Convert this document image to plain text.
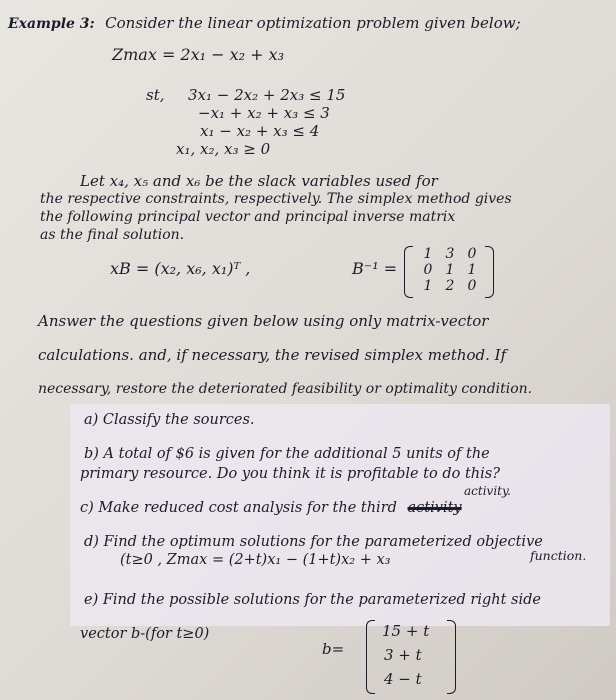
Example 3: Consider the linear optimization problem given below;
Zmax = 2x₁ − x₂ + x₃
st, 3x₁ − 2x₂ + 2x₃ ≤ 15
−x₁ + x₂ + x₃ ≤ 3
x₁ − x₂ + x₃ ≤ 4
x₁, x₂, x₃ ≥ 0
Let x₄, x₅ and x₆ be the slack variables used for
the respective constraints, respectively. The simplex method gives
the following principal vector and principal inverse matrix
as the final solution.
xB = (x₂, x₆, x₁)ᵀ ,	B⁻¹ =
1 3 0
0 1 1
1 2 0
Answer the questions given below using only matrix-vector
calculations. and, if necessary, the revised simplex method. If
necessary, restore the deteriorated feasibility or optimality condition.
a) Classify the sources.
b) A total of $6 is given for the additional 5 units of the
primary resource. Do you think it is profitable to do this?
activity.
c) Make reduced cost analysis for the third activity
d) Find the optimum solutions for the parameterized objective
(t≥0 , Zmax = (2+t)x₁ − (1+t)x₂ + x₃	function.
e) Find the possible solutions for the parameterized right side
vector b-(for t≥0)
b=
15 + t
3 + t
4 − t
